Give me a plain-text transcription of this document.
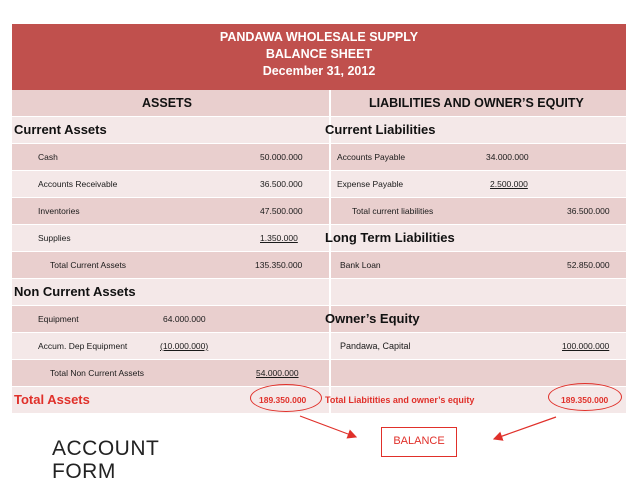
PANDAWA WHOLESALE SUPPLY
BALANCE SHEET
December 31, 2012
ASSETS	LIABILITIES AND OWNER’S EQUITY
Current Assets	Current Liabilities
Cash	50.000.000	Accounts Payable	34.000.000
Accounts Receivable	36.500.000	Expense Payable	2.500.000
Inventories	47.500.000	Total current liabilities	36.500.000
Supplies	1.350.000 Long Term Liabilities
Total Current Assets	135.350.000	Bank Loan	52.850.000
Non Current Assets
Equipment	64.000.000	Owner’s Equity
Accum. Dep Equipment	(10.000.000)	Pandawa, Capital	100.000.000
Total Non Current Assets	54.000.000
Total Assets	189.350.000 Total Liabitities and owner’s equity	189.350.000
BALANCE
ACCOUNT
FORM
